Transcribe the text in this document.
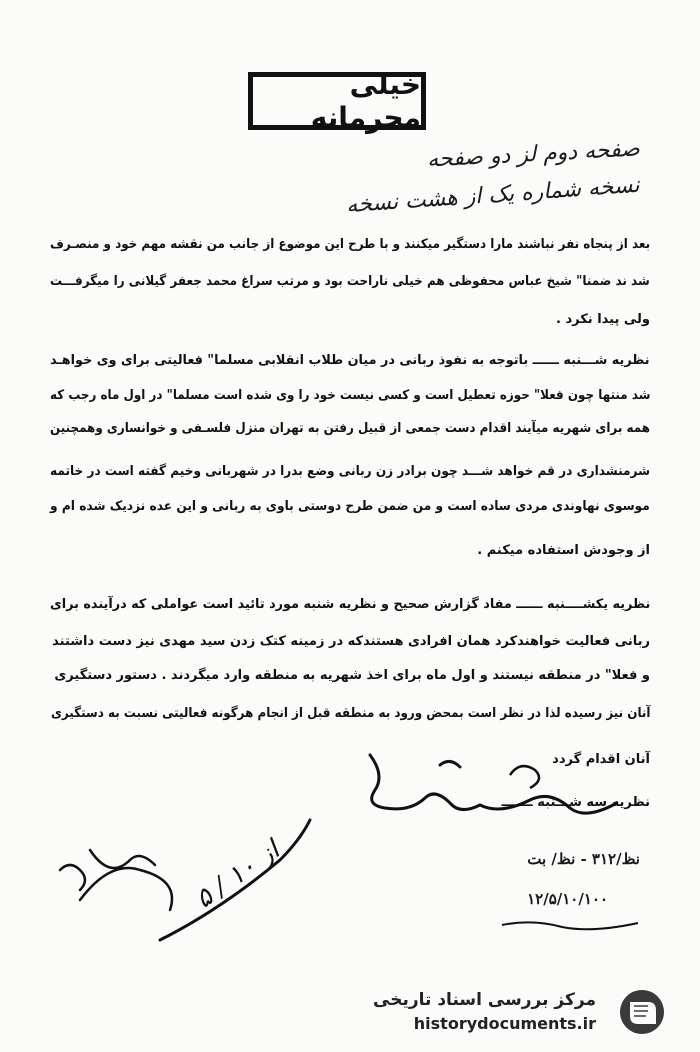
خیلی محرمانه
صفحه دوم لز دو صفحه
نسخه شماره یک از هشت نسخه
بعد از پنجاه نفر نباشند مارا دستگیر میکنند و با طرح این موضوع از جانب من نقشه مهم خود و منصـرف
شد ند ضمنا" شیخ عباس محفوظی هم خیلی ناراحت بود و مرتب سراغ محمد جعفر گیلانی را میگرفـــت
ولی پیدا نکرد .
نظریه شـــنبه ــــــ باتوجه به نفوذ ربانی در میان طلاب انقلابی مسلما" فعالیتی برای وی خواهـد
شد منتها چون فعلا" حوزه تعطیل است و کسی نیست خود را وی شده است مسلما" در اول ماه رجب که
همه برای شهریه میآیند اقدام دست جمعی از قبیل رفتن به تهران منزل فلسـفی و خوانساری وهمچنین
شرمنشداری در قم خواهد شـــد چون برادر زن ربانی وضع بدرا در شهربانی وخیم گفته است در خاتمه
موسوی نهاوندی مردی ساده است و من ضمن طرح دوستی باوی به ربانی و این عده نزدیک شده ام و
از وجودش استفاده میکنم .
نظریه یکشــــنبه ــــــ مفاد گزارش صحیح و نظریه شنبه مورد تائید است عواملی که درآینده برای
ربانی فعالیت خواهندکرد همان افرادی هستندکه در زمینه کتک زدن سید مهدی نیز دست داشتند
و فعلا" در منطقه نیستند و اول ماه برای اخذ شهریه به منطقه وارد میگردند . دستور دستگیری
آنان نیز رسیده لذا در نظر است بمحض ورود به منطقه قبل از انجام هرگونه فعالیتی نسبت به دستگیری
آنان اقدام گردد
نظریه سه شـــنبه ـــــــ
نظ/۳۱۲ - نظ/ بت
۱۲/۵/۱۰/۱۰۰
از ۱۰ / ۵
مرکز بررسی اسناد تاریخی
historydocuments.ir
